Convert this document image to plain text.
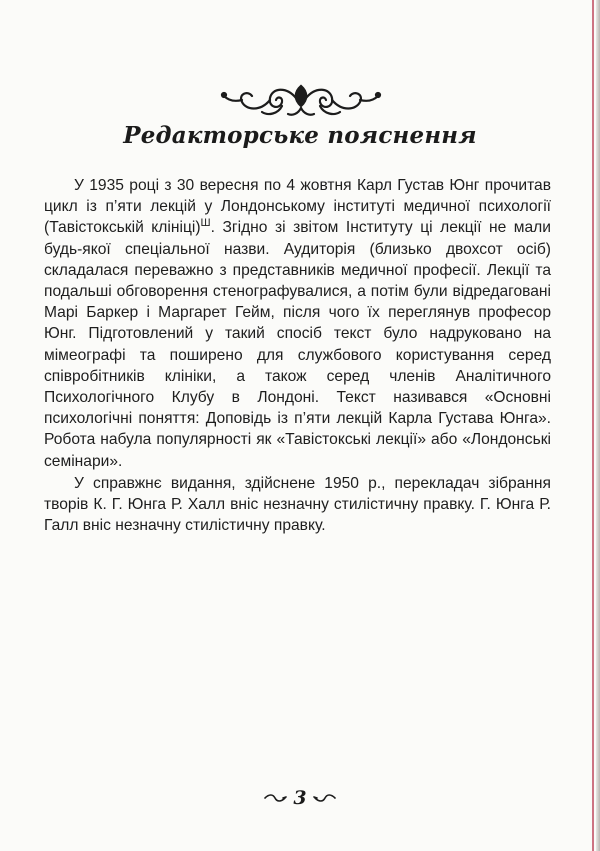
Редакторське пояснення

У 1935 році з 30 вересня по 4 жовтня Карл Густав Юнг прочитав цикл із п’яти лекцій у Лондонському інституті медичної психології (Тавістокській клініці)$^Ш$. Згідно зі звітом Інституту ці лекції не мали будь-якої спеціальної назви. Аудиторія (близько двохсот осіб) складалася переважно з представників медичної професії. Лекції та подальші обговорення стенографувалися, а потім були відредаговані Марі Баркер і Маргарет Гейм, після чого їх переглянув професор Юнг. Підготовлений у такий спосіб текст було надруковано на мімеографі та поширено для службового користування серед співробітників клініки, а також серед членів Аналітичного Психологічного Клубу в Лондоні. Текст називався «Основні психологічні поняття: Доповідь із п’яти лекцій Карла Густава Юнга». Робота набула популярності як «Тавістокські лекції» або «Лондонські семінари».

У справжнє видання, здійснене 1950 р., перекладач зібрання творів К. Г. Юнга Р. Халл вніс незначну стилістичну правку. Г. Юнга Р. Галл вніс незначну стилістичну правку.

3
